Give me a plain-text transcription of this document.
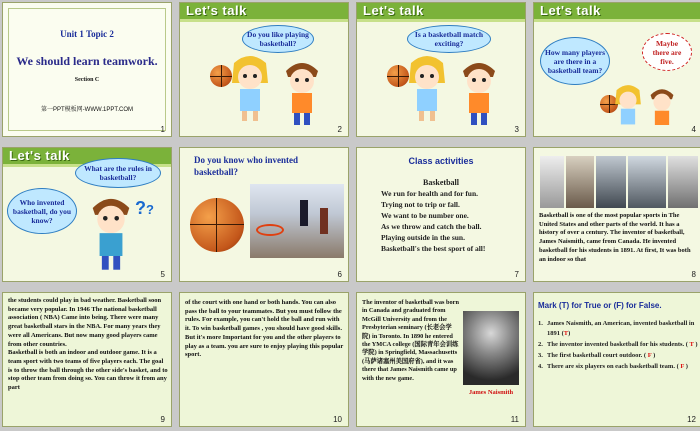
Unit 1 Topic 2
We should learn teamwork.
Section C
第一PPT模板网-WWW.1PPT.COM
1
Let's talk
Do you like playing basketball?
2
Let's talk
Is a basketball match exciting?
3
Let's talk
How many players are there in a basketball team?
Maybe there are five.
4
Let's talk
What are the rules in basketball?
Who invented basketball, do you know?
??
5
Do you know who invented basketball?
6
Class activities
Basketball
We run for health and for fun.
Trying not to trip or fall.
We want to be number one.
As we throw and catch the ball.
Playing outside in the sun.
Basketball's the best sport of all!
7
Basketball is one of the most popular sports in The United States and other parts of the world. It has a history of over a century. The inventor of basketball, James Naismith, came from Canada. He invented basketball for his students in 1891. At first, It was both an indoor so that
8
the students could play in bad weather. Basketball soon became very popular. In 1946 The national basketball association ( NBA) Came into being. There were many great basketball stars in the NBA. For many years they were all Americans. But now many good players came from other countries.
Basketball is both an indoor and outdoor game. It is a team sport with two teams of five players each. The goal is to throw the ball through the other side's basket, and to stop other team from doing so. You can throw it from any part
9
of the court with one hand or both hands. You can also pass the ball to your teammates. But you must follow the rules. For example, you can't hold the ball and run with it. To win basketball games , you should have good skills. But it's more Important for you and the other players to play as a team. you are sure to enjoy playing this popular sport.
10
The inventor of basketball was born in Canada and graduated from McGill University and from the Presbyterian seminary (长老会学院) in Toronto. In 1890 he entered the YMCA college (国际青年会训练学院) in Springfield, Massachusetts (马萨诸塞州美国府省), and it was there that James Naismith came up with the new game.
James Naismith
11
Mark (T) for True or (F) for False.
1. James Naismith, an American, invented basketball in 1891 (T)
2. The inventor invented basketball for his students. ( T )
3. The first basketball court outdoor. ( F )
4. There are six players on each basketball team. ( F )
12
